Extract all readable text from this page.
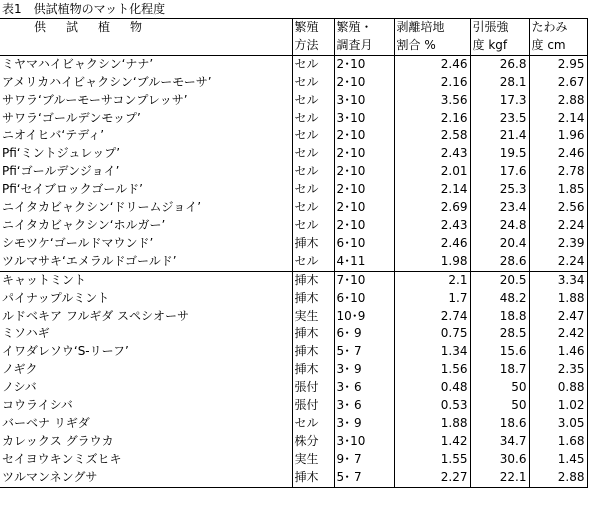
表1　供試植物のマット化程度
供　試　植　物	繁殖	繁殖・	剥離培地	引張強	たわみ
	方法	調査月	割合 %	度 kgf	度 cm
ミヤマハイビャクシン‘ナナ’	セル	2･10	2.46	26.8	2.95
アメリカハイビャクシン‘ブルーモーサ’	セル	2･10	2.16	28.1	2.67
サワラ‘ブルーモーサコンプレッサ’	セル	3･10	3.56	17.3	2.88
サワラ‘ゴールデンモップ’	セル	3･10	2.16	23.5	2.14
ニオイヒバ‘テディ’	セル	2･10	2.58	21.4	1.96
Pfi‘ミントジュレップ’	セル	2･10	2.43	19.5	2.46
Pfi‘ゴールデンジョイ’	セル	2･10	2.01	17.6	2.78
Pfi‘セイブロックゴールド’	セル	2･10	2.14	25.3	1.85
ニイタカビャクシン‘ドリームジョイ’	セル	2･10	2.69	23.4	2.56
ニイタカビャクシン‘ホルガー’	セル	2･10	2.43	24.8	2.24
シモツケ‘ゴールドマウンド’	挿木	6･10	2.46	20.4	2.39
ツルマサキ‘エメラルドゴールド’	セル	4･11	1.98	28.6	2.24
キャットミント	挿木	7･10	2.1	20.5	3.34
パイナップルミント	挿木	6･10	1.7	48.2	1.88
ルドベキア フルギダ スペシオーサ	実生	10･9	2.74	18.8	2.47
ミソハギ	挿木	6･ 9	0.75	28.5	2.42
イワダレソウ‘S-リーフ’	挿木	5･ 7	1.34	15.6	1.46
ノギク	挿木	3･ 9	1.56	18.7	2.35
ノシバ	張付	3･ 6	0.48	50	0.88
コウライシバ	張付	3･ 6	0.53	50	1.02
バーベナ リギダ	セル	3･ 9	1.88	18.6	3.05
カレックス グラウカ	株分	3･10	1.42	34.7	1.68
セイヨウキンミズヒキ	実生	9･ 7	1.55	30.6	1.45
ツルマンネングサ	挿木	5･ 7	2.27	22.1	2.88
